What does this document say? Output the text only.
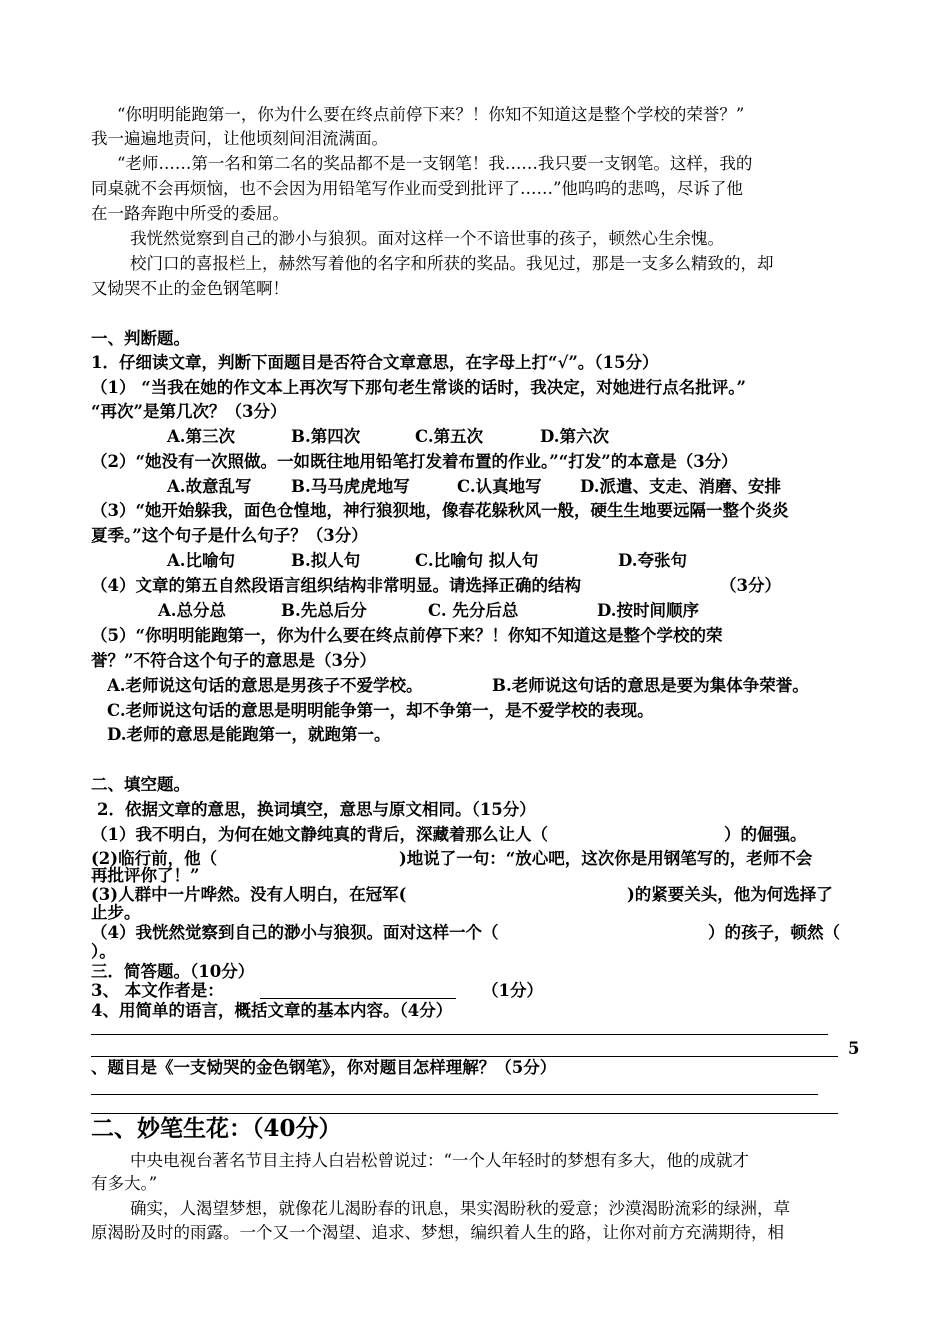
“你明明能跑第一，你为什么要在终点前停下来？！你知不知道这是整个学校的荣誉？”
我一遍遍地责问，让他顷刻间泪流满面。
“老师……第一名和第二名的奖品都不是一支钢笔！我……我只要一支钢笔。这样，我的
同桌就不会再烦恼，也不会因为用铅笔写作业而受到批评了……”他呜呜的悲鸣，尽诉了他
在一路奔跑中所受的委屈。
我恍然觉察到自己的渺小与狼狈。面对这样一个不谙世事的孩子，顿然心生余愧。
校门口的喜报栏上，赫然写着他的名字和所获的奖品。我见过，那是一支多么精致的，却
又恸哭不止的金色钢笔啊！
一、判断题。
1．仔细读文章，判断下面题目是否符合文章意思，在字母上打“√”。（15分）
（1） “当我在她的作文本上再次写下那句老生常谈的话时，我决定，对她进行点名批评。”
“再次”是第几次？（3分）
A.第三次	B.第四次	C.第五次	D.第六次
（2）“她没有一次照做。一如既往地用铅笔打发着布置的作业。”“打发”的本意是（3分）
A.故意乱写 B.马马虎虎地写	C.认真地写 D.派遣、支走、消磨、安排
（3）“她开始躲我，面色仓惶地，神行狼狈地，像春花躲秋风一般，硬生生地要远隔一整个炎炎
夏季。”这个句子是什么句子？（3分）
A.比喻句	B.拟人句	C.比喻句 拟人句	D.夸张句
（4）文章的第五自然段语言组织结构非常明显。请选择正确的结构	（3分）
A.总分总	B.先总后分	C. 先分后总	D.按时间顺序
（5）“你明明能跑第一，你为什么要在终点前停下来？！你知不知道这是整个学校的荣
誉？”不符合这个句子的意思是（3分）
A.老师说这句话的意思是男孩子不爱学校。	B.老师说这句话的意思是要为集体争荣誉。
C.老师说这句话的意思是明明能争第一，却不争第一，是不爱学校的表现。
D.老师的意思是能跑第一，就跑第一。
二、填空题。
2．依据文章的意思，换词填空，意思与原文相同。（15分）
（1）我不明白，为何在她文静纯真的背后，深藏着那么让人（	）的倔强。
(2)临行前，他（	)地说了一句：“放心吧，这次你是用钢笔写的，老师不会
再批评你了！”
(3)人群中一片哗然。没有人明白，在冠军(	)的紧要关头，他为何选择了
止步。
（4）我恍然觉察到自己的渺小与狼狈。面对这样一个（	）的孩子，顿然（
）。
三．简答题。（10分）
3、 本文作者是：	（1分）
4、用简单的语言，概括文章的基本内容。（4分）
5
、题目是《一支恸哭的金色钢笔》，你对题目怎样理解？（5分）
二、妙笔生花：（40分）
中央电视台著名节目主持人白岩松曾说过：“一个人年轻时的梦想有多大，他的成就才
有多大。”
确实，人渴望梦想，就像花儿渴盼春的讯息，果实渴盼秋的爱意；沙漠渴盼流彩的绿洲，草
原渴盼及时的雨露。一个又一个渴望、追求、梦想，编织着人生的路，让你对前方充满期待，相
